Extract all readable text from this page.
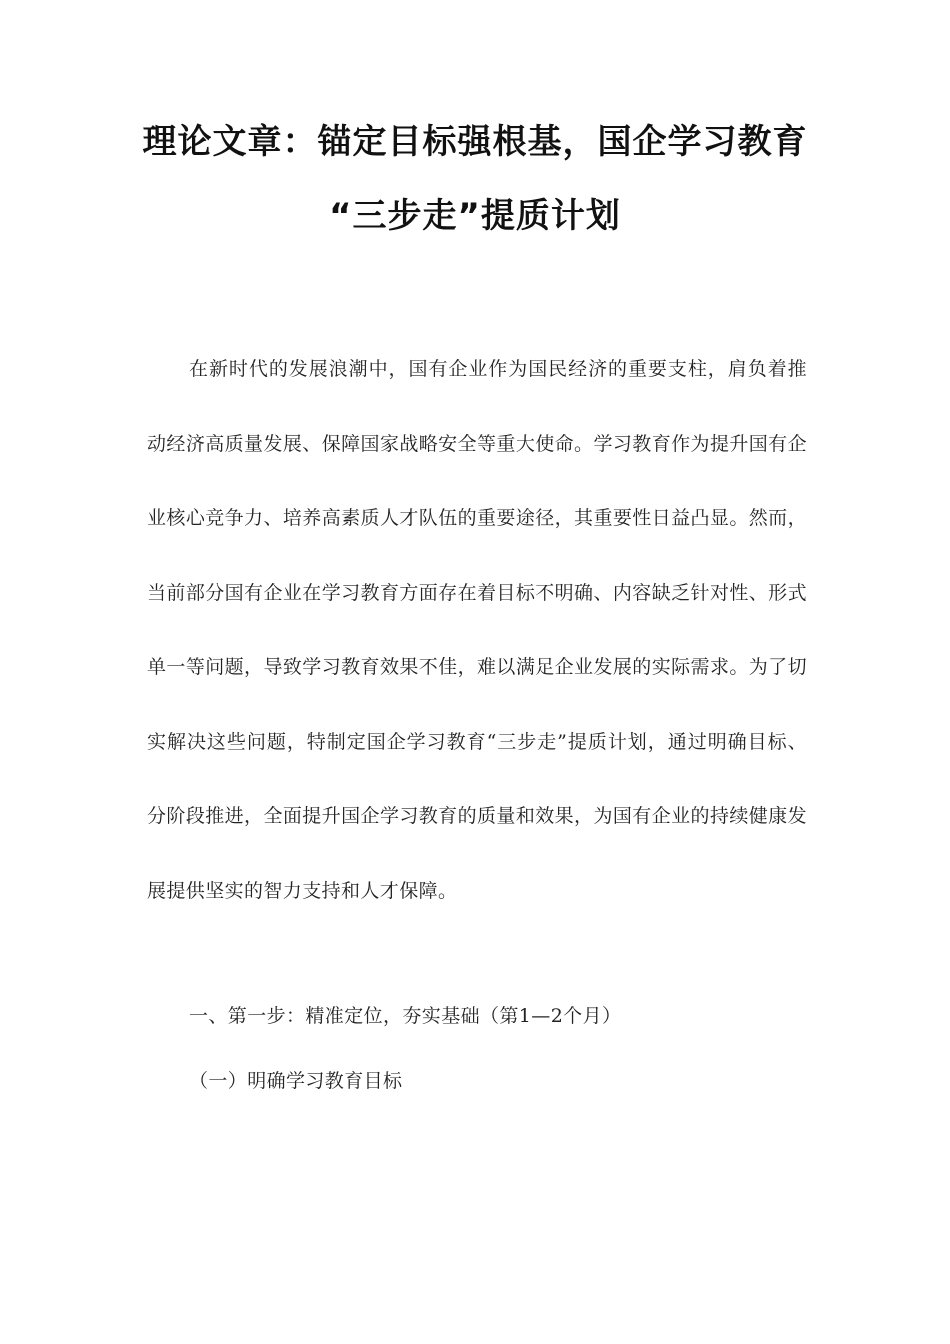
理论文章：锚定目标强根基，国企学习教育
“三步走”提质计划

在新时代的发展浪潮中，国有企业作为国民经济的重要支柱，肩负着推动经济高质量发展、保障国家战略安全等重大使命。学习教育作为提升国有企业核心竞争力、培养高素质人才队伍的重要途径，其重要性日益凸显。然而，当前部分国有企业在学习教育方面存在着目标不明确、内容缺乏针对性、形式单一等问题，导致学习教育效果不佳，难以满足企业发展的实际需求。为了切实解决这些问题，特制定国企学习教育“三步走”提质计划，通过明确目标、分阶段推进，全面提升国企学习教育的质量和效果，为国有企业的持续健康发展提供坚实的智力支持和人才保障。

一、第一步：精准定位，夯实基础（第1—2个月）

（一）明确学习教育目标
